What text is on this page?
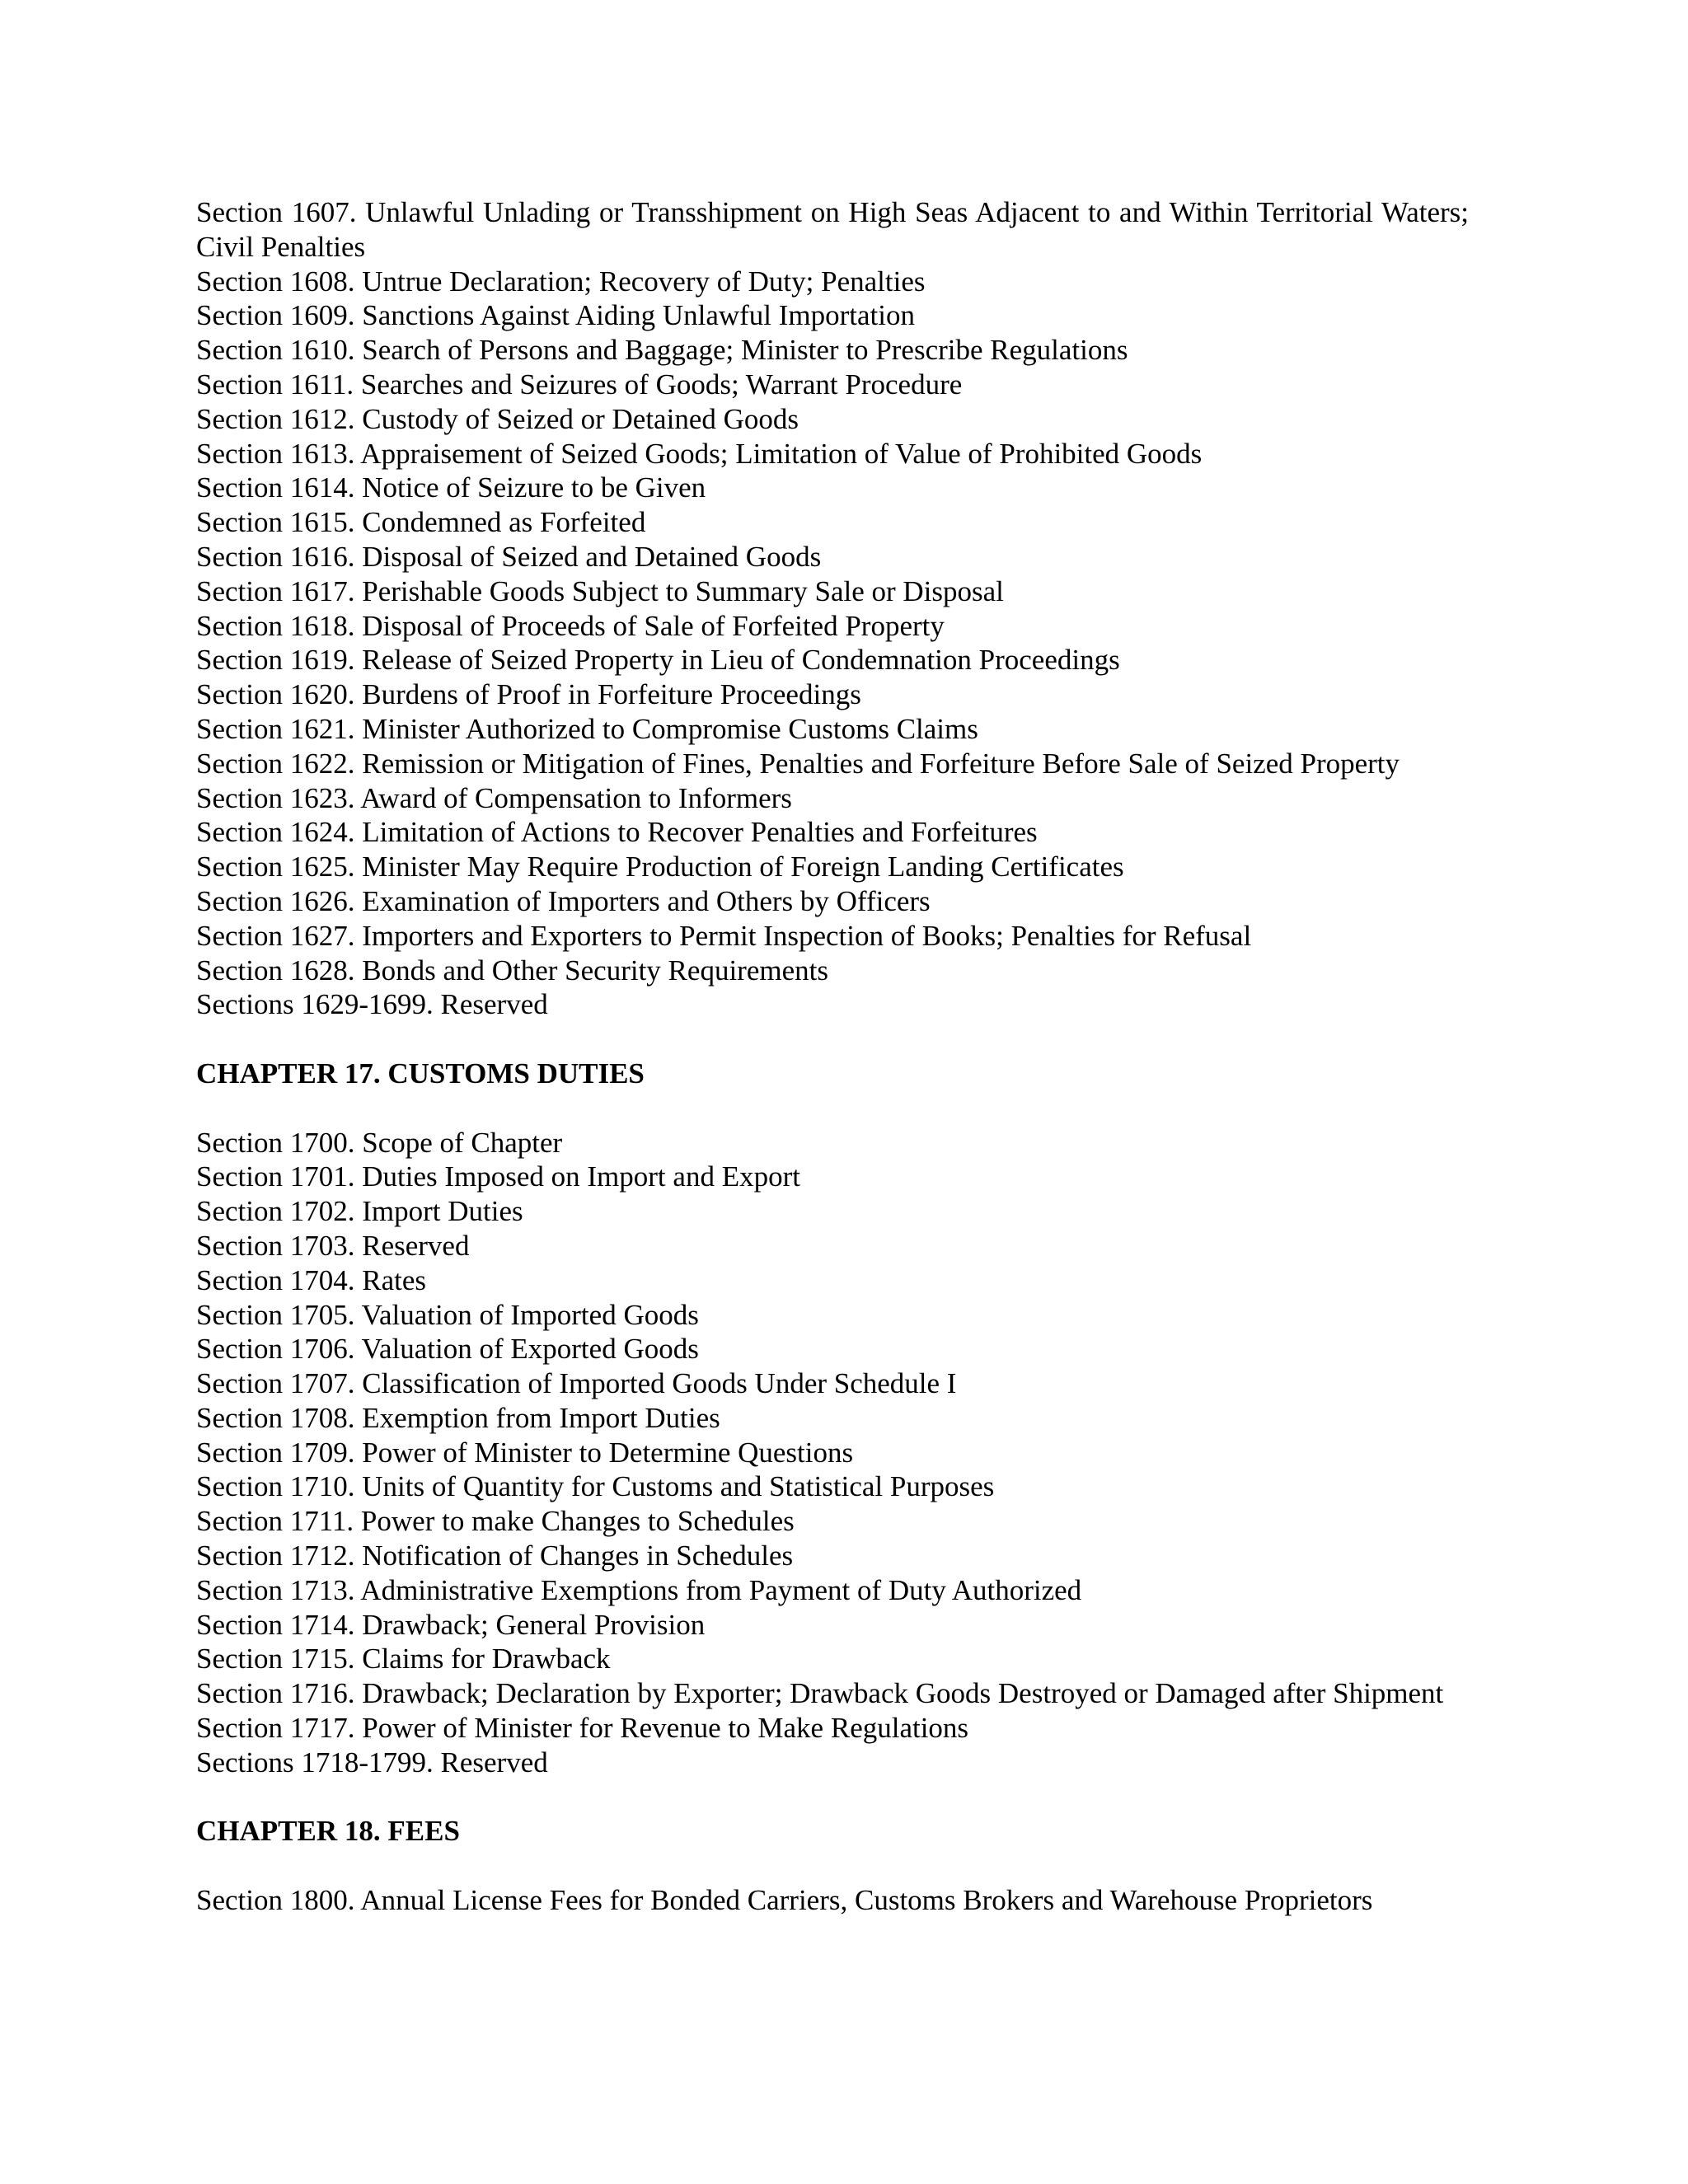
Section 1607. Unlawful Unlading or Transshipment on High Seas Adjacent to and Within Territorial Waters; Civil Penalties
Section 1608. Untrue Declaration; Recovery of Duty; Penalties
Section 1609. Sanctions Against Aiding Unlawful Importation
Section 1610. Search of Persons and Baggage; Minister to Prescribe Regulations
Section 1611. Searches and Seizures of Goods; Warrant Procedure
Section 1612. Custody of Seized or Detained Goods
Section 1613. Appraisement of Seized Goods; Limitation of Value of Prohibited Goods
Section 1614. Notice of Seizure to be Given
Section 1615. Condemned as Forfeited
Section 1616. Disposal of Seized and Detained Goods
Section 1617. Perishable Goods Subject to Summary Sale or Disposal
Section 1618. Disposal of Proceeds of Sale of Forfeited Property
Section 1619. Release of Seized Property in Lieu of Condemnation Proceedings
Section 1620. Burdens of Proof in Forfeiture Proceedings
Section 1621. Minister Authorized to Compromise Customs Claims
Section 1622. Remission or Mitigation of Fines, Penalties and Forfeiture Before Sale of Seized Property
Section 1623. Award of Compensation to Informers
Section 1624. Limitation of Actions to Recover Penalties and Forfeitures
Section 1625. Minister May Require Production of Foreign Landing Certificates
Section 1626. Examination of Importers and Others by Officers
Section 1627. Importers and Exporters to Permit Inspection of Books; Penalties for Refusal
Section 1628. Bonds and Other Security Requirements
Sections 1629-1699. Reserved
CHAPTER 17. CUSTOMS DUTIES
Section 1700. Scope of Chapter
Section 1701. Duties Imposed on Import and Export
Section 1702. Import Duties
Section 1703. Reserved
Section 1704. Rates
Section 1705. Valuation of Imported Goods
Section 1706. Valuation of Exported Goods
Section 1707. Classification of Imported Goods Under Schedule I
Section 1708. Exemption from Import Duties
Section 1709. Power of Minister to Determine Questions
Section 1710. Units of Quantity for Customs and Statistical Purposes
Section 1711. Power to make Changes to Schedules
Section 1712. Notification of Changes in Schedules
Section 1713. Administrative Exemptions from Payment of Duty Authorized
Section 1714. Drawback; General Provision
Section 1715. Claims for Drawback
Section 1716. Drawback; Declaration by Exporter; Drawback Goods Destroyed or Damaged after Shipment
Section 1717. Power of Minister for Revenue to Make Regulations
Sections 1718-1799. Reserved
CHAPTER 18. FEES
Section 1800. Annual License Fees for Bonded Carriers, Customs Brokers and Warehouse Proprietors
